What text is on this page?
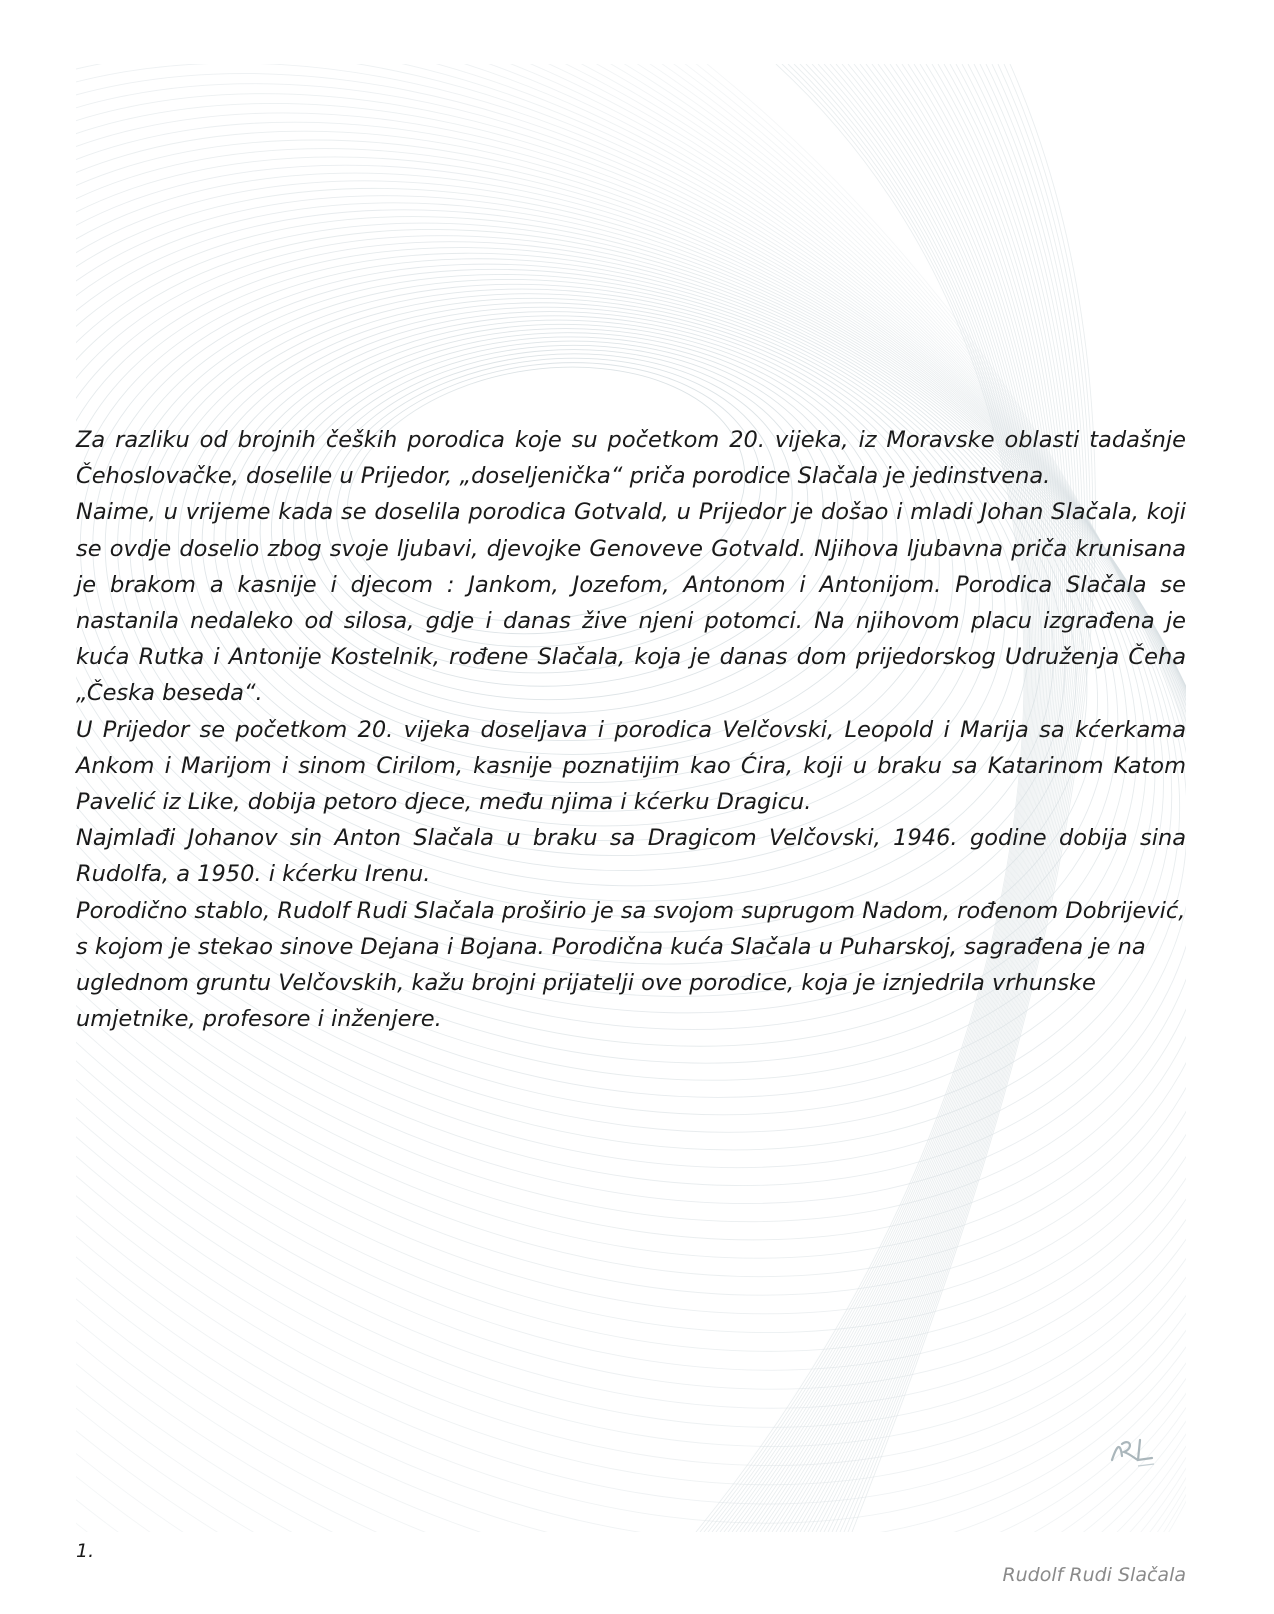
Za razliku od brojnih čeških porodica koje su početkom 20. vijeka, iz Moravske oblasti tadašnje Čehoslovačke, doselile u Prijedor, „doseljenička“ priča porodice Slačala je jedinstvena.

Naime, u vrijeme kada se doselila porodica Gotvald, u Prijedor je došao i mladi Johan Slačala, koji se ovdje doselio zbog svoje ljubavi, djevojke Genoveve Gotvald. Njihova ljubavna priča krunisana je brakom a kasnije i djecom : Jankom, Jozefom, Antonom i Antonijom. Porodica Slačala se nastanila nedaleko od silosa, gdje i danas žive njeni potomci. Na njihovom placu izgrađena je kuća Rutka i Antonije Kostelnik, rođene Slačala, koja je danas dom prijedorskog Udruženja Čeha „Česka beseda“.

U Prijedor se početkom 20. vijeka doseljava i porodica Velčovski, Leopold i Marija sa kćerkama Ankom i Marijom i sinom Cirilom, kasnije poznatijim kao Ćira, koji u braku sa Katarinom Katom Pavelić iz Like, dobija petoro djece, među njima i kćerku Dragicu.

Najmlađi Johanov sin Anton Slačala u braku sa Dragicom Velčovski, 1946. godine dobija sina Rudolfa, a 1950. i kćerku Irenu.

Porodično stablo, Rudolf Rudi Slačala proširio je sa svojom suprugom Nadom, rođenom Dobrijević, s kojom je stekao sinove Dejana i Bojana. Porodična kuća Slačala u Puharskoj, sagrađena je na uglednom gruntu Velčovskih, kažu brojni prijatelji ove porodice, koja je iznjedrila vrhunske umjetnike, profesore i inženjere.

1.
Rudolf Rudi Slačala
